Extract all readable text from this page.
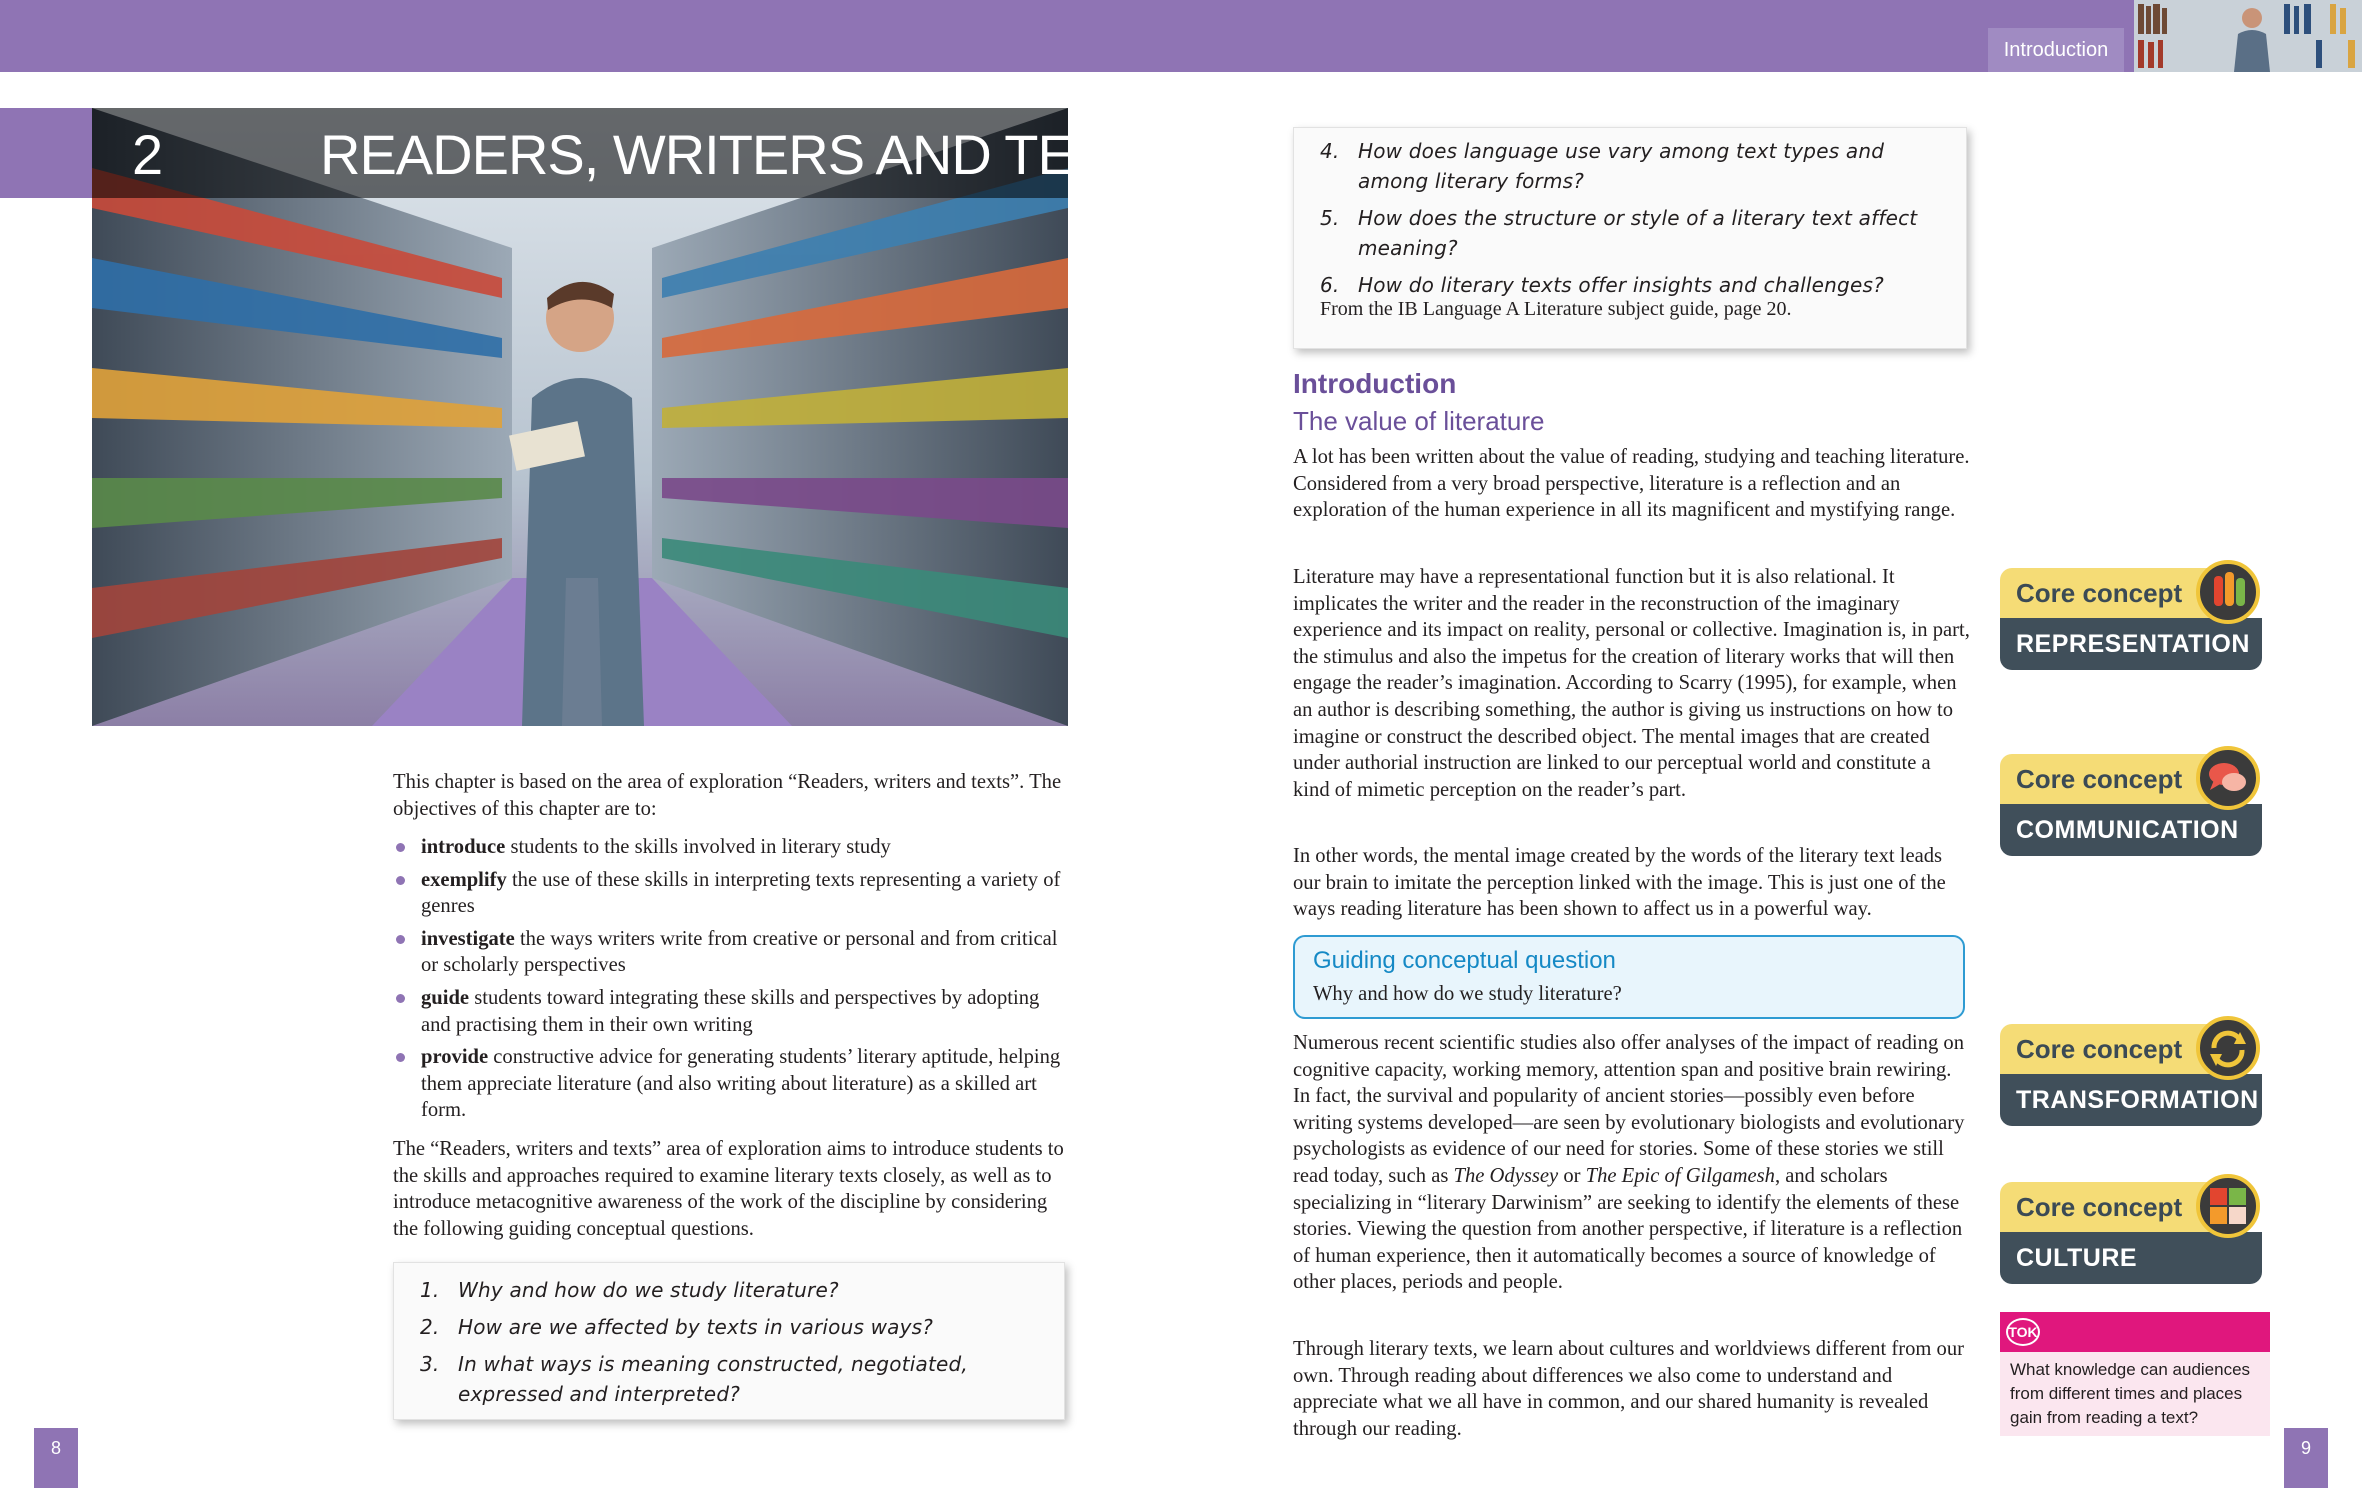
Introduction
2	READERS, WRITERS AND TEXTS
This chapter is based on the area of exploration “Readers, writers and texts”. The objectives of this chapter are to:
introduce students to the skills involved in literary study
exemplify the use of these skills in interpreting texts representing a variety of genres
investigate the ways writers write from creative or personal and from critical or scholarly perspectives
guide students toward integrating these skills and perspectives by adopting and practising them in their own writing
provide constructive advice for generating students’ literary aptitude, helping them appreciate literature (and also writing about literature) as a skilled art form.
The “Readers, writers and texts” area of exploration aims to introduce students to the skills and approaches required to examine literary texts closely, as well as to introduce metacognitive awareness of the work of the discipline by considering the following guiding conceptual questions.
1. Why and how do we study literature?
2. How are we affected by texts in various ways?
3. In what ways is meaning constructed, negotiated, expressed and interpreted?
8
4. How does language use vary among text types and among literary forms?
5. How does the structure or style of a literary text affect meaning?
6. How do literary texts offer insights and challenges?
From the IB Language A Literature subject guide, page 20.
Introduction
The value of literature
A lot has been written about the value of reading, studying and teaching literature. Considered from a very broad perspective, literature is a reflection and an exploration of the human experience in all its magnificent and mystifying range.
Literature may have a representational function but it is also relational. It implicates the writer and the reader in the reconstruction of the imaginary experience and its impact on reality, personal or collective. Imagination is, in part, the stimulus and also the impetus for the creation of literary works that will then engage the reader’s imagination. According to Scarry (1995), for example, when an author is describing something, the author is giving us instructions on how to imagine or construct the described object. The mental images that are created under authorial instruction are linked to our perceptual world and constitute a kind of mimetic perception on the reader’s part.
In other words, the mental image created by the words of the literary text leads our brain to imitate the perception linked with the image. This is just one of the ways reading literature has been shown to affect us in a powerful way.
Guiding conceptual question
Why and how do we study literature?
Numerous recent scientific studies also offer analyses of the impact of reading on cognitive capacity, working memory, attention span and positive brain rewiring. In fact, the survival and popularity of ancient stories—possibly even before writing systems developed—are seen by evolutionary biologists and evolutionary psychologists as evidence of our need for stories. Some of these stories we still read today, such as The Odyssey or The Epic of Gilgamesh, and scholars specializing in “literary Darwinism” are seeking to identify the elements of these stories. Viewing the question from another perspective, if literature is a reflection of human experience, then it automatically becomes a source of knowledge of other places, periods and people.
Through literary texts, we learn about cultures and worldviews different from our own. Through reading about differences we also come to understand and appreciate what we all have in common, and our shared humanity is revealed through our reading.
Core concept
REPRESENTATION
Core concept
COMMUNICATION
Core concept
TRANSFORMATION
Core concept
CULTURE
TOK
What knowledge can audiences from different times and places gain from reading a text?
9
